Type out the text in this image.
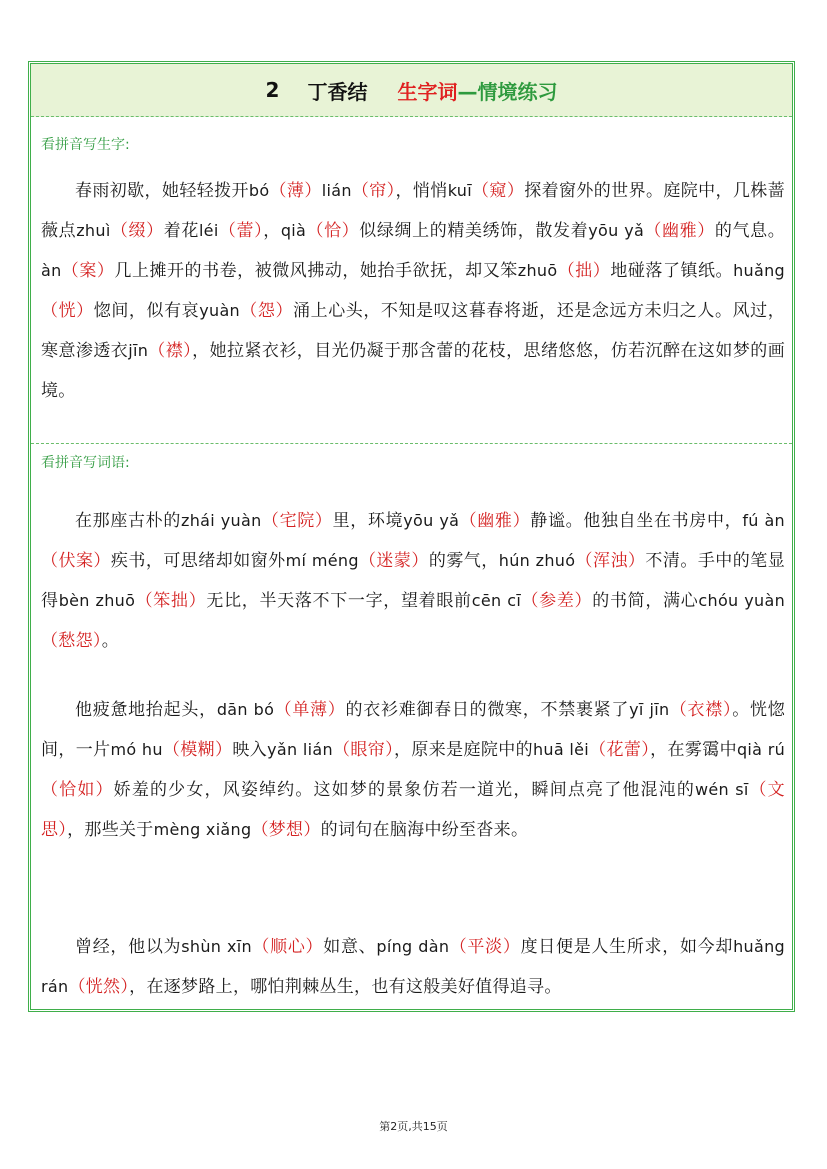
2 丁香结 生字词 —情境练习
看拼音写生字:

春雨初歇，她轻轻拨开bó（薄）lián（帘），悄悄kuī（窥）探着窗外的世界。庭院中，几株蔷薇点zhuì（缀）着花léi（蕾），qià（恰）似绿绸上的精美绣饰，散发着yōu yǎ（幽雅）的气息。àn（案）几上摊开的书卷，被微风拂动，她抬手欲抚，却又笨zhuō（拙）地碰落了镇纸。huǎng（恍）惚间，似有哀yuàn（怨）涌上心头，不知是叹这暮春将逝，还是念远方未归之人。风过，寒意渗透衣jīn（襟），她拉紧衣衫，目光仍凝于那含蕾的花枝，思绪悠悠，仿若沉醉在这如梦的画境。

看拼音写词语:

在那座古朴的zhái yuàn（宅院）里，环境yōu yǎ（幽雅）静谧。他独自坐在书房中，fú àn（伏案）疾书，可思绪却如窗外mí méng（迷蒙）的雾气，hún zhuó（浑浊）不清。手中的笔显得bèn zhuō（笨拙）无比，半天落不下一字，望着眼前cēn cī（参差）的书简，满心chóu yuàn（愁怨）。

他疲惫地抬起头，dān bó（单薄）的衣衫难御春日的微寒，不禁裹紧了yī jīn（衣襟）。恍惚间，一片mó hu（模糊）映入yǎn lián（眼帘），原来是庭院中的huā lěi（花蕾），在雾霭中qià rú（恰如）娇羞的少女，风姿绰约。这如梦的景象仿若一道光，瞬间点亮了他混沌的wén sī（文思），那些关于mèng xiǎng（梦想）的词句在脑海中纷至沓来。

曾经，他以为shùn xīn（顺心）如意、píng dàn（平淡）度日便是人生所求，如今却huǎng rán（恍然），在逐梦路上，哪怕荆棘丛生，也有这般美好值得追寻。

第2页,共15页
